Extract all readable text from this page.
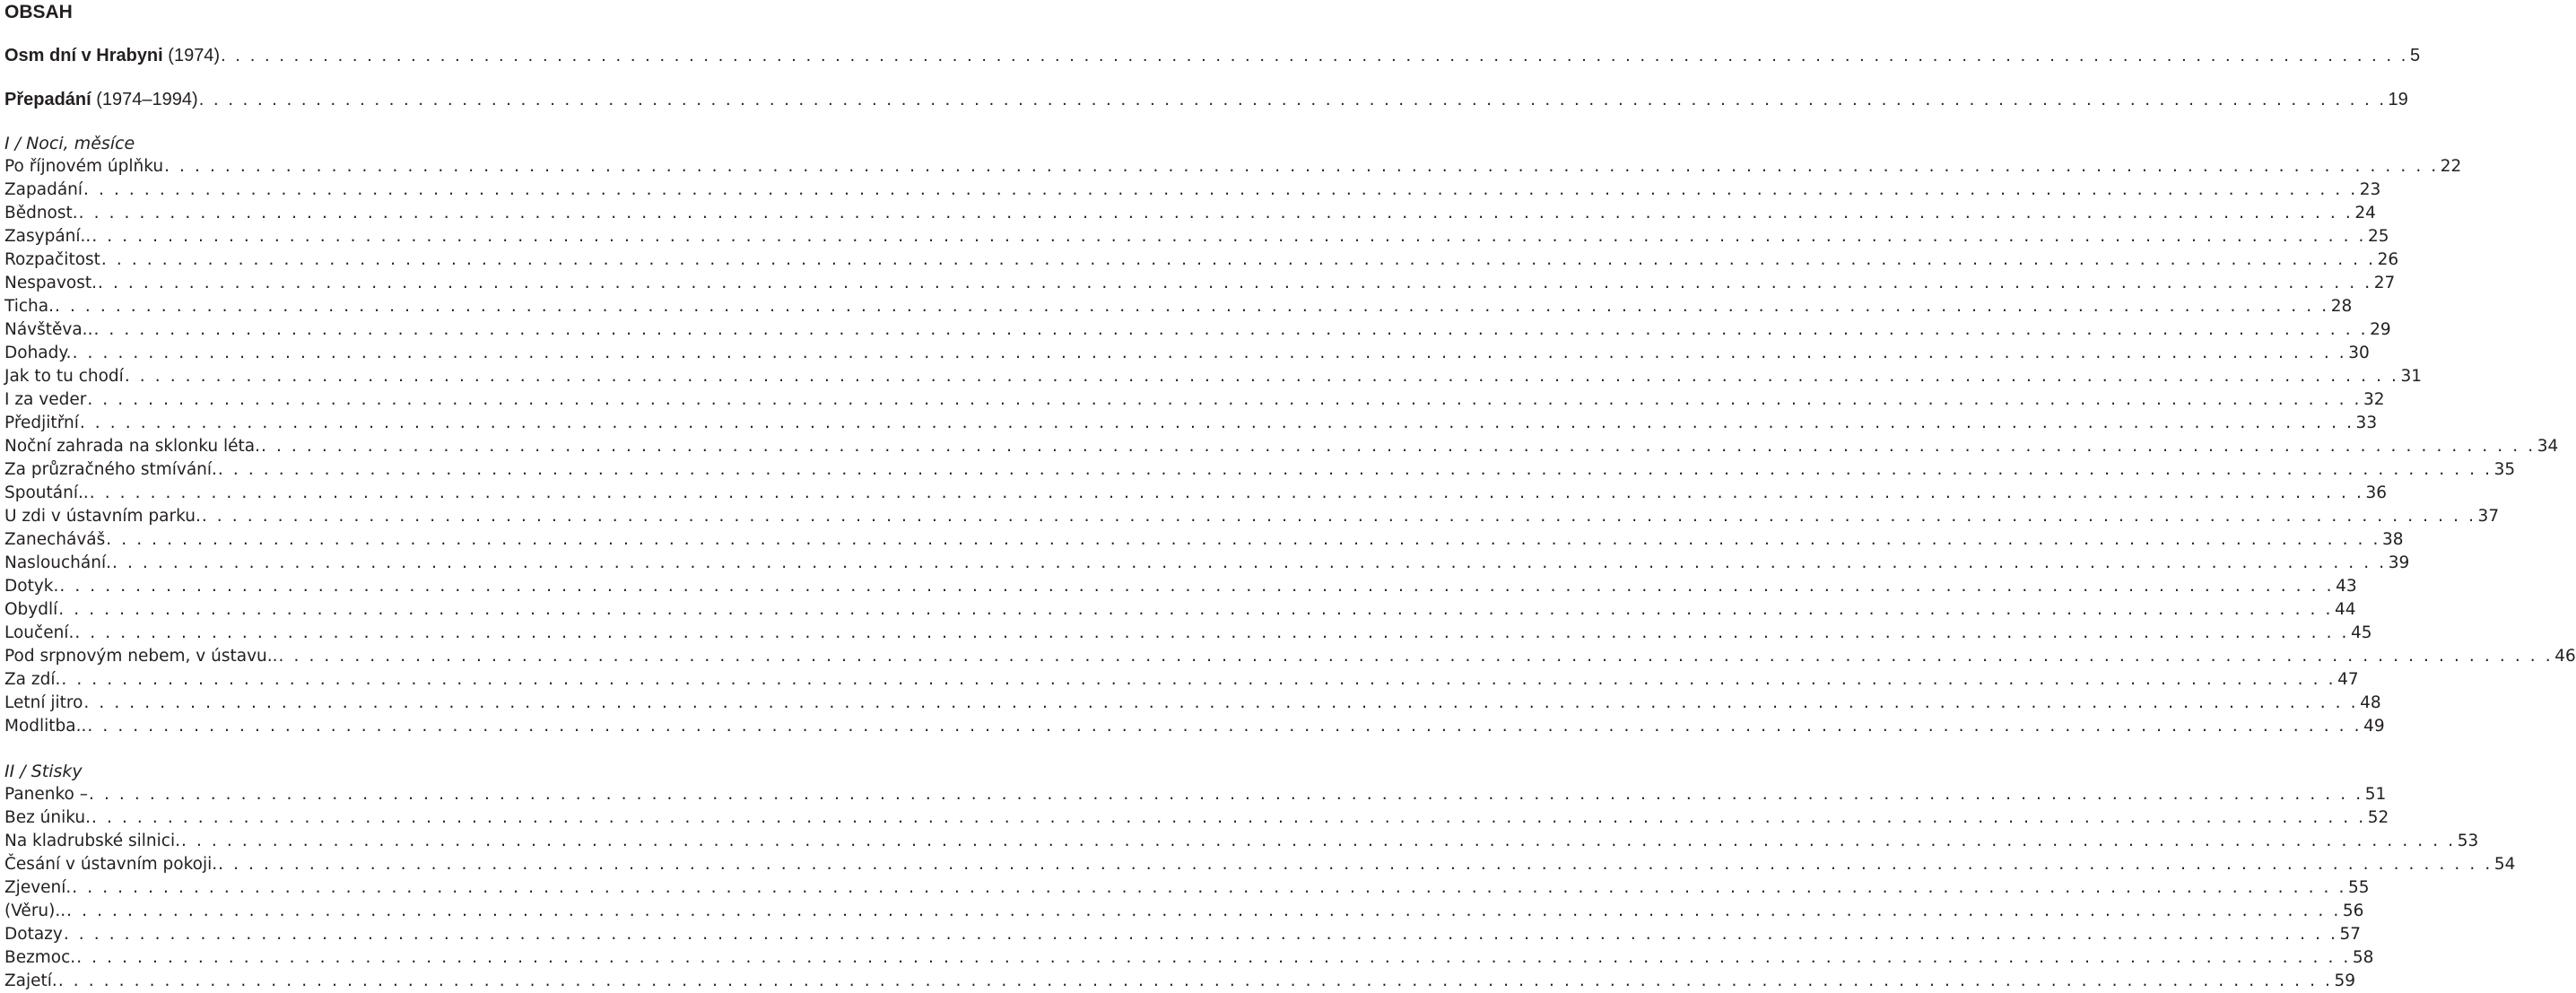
OBSAH
Osm dní v Hrabyni (1974) . . . . . . . . . . . . . . . . . . . . . . . . . . . . . . . . . . . . . . . . . . . . . . . . . . . . . . . . . . . . . . . . . . . . . . . . . . . . . . . . . . . . . . . . . . . . . . . . . . . . . . . . . . . . . . . . . . . . . . . . . . . . . . . . . . . . . . . . . . . . . . . . . . . . . . 5
Přepadání (1974–1994) . . . . . . . . . . . . . . . . . . . . . . . . . . . . . . . . . . . . . . . . . . . . . . . . . . . . . . . . . . . . . . . . . . . . . . . . . . . . . . . . . . . . . . . . . . . . . . . . . . . . . . . . . . . . . . . . . . . . . . . . . . . . . . . . . . . . . . . . . . . . . . . . . . . . . . 19
I / Noci, měsíce
Po říjnovém úplňku . . . . . . . . . . . . . . . . . . . . . . . . . . . . . . . . . . . . . . . . . . . . . . . . . . . . . . . . . . . . . . . . . . . . . . . . . . . . . . . . . . . . . . . . . . . . . . . . . . . . . . . . . . . . . . . . . . . . . . . . . . . . . . . . . . . . . . . . . . . . . . . . . . . . . . 22
Zapadání . . . . . . . . . . . . . . . . . . . . . . . . . . . . . . . . . . . . . . . . . . . . . . . . . . . . . . . . . . . . . . . . . . . . . . . . . . . . . . . . . . . . . . . . . . . . . . . . . . . . . . . . . . . . . . . . . . . . . . . . . . . . . . . . . . . . . . . . . . . . . . . . . . . . . . 23
Bědnost. . . . . . . . . . . . . . . . . . . . . . . . . . . . . . . . . . . . . . . . . . . . . . . . . . . . . . . . . . . . . . . . . . . . . . . . . . . . . . . . . . . . . . . . . . . . . . . . . . . . . . . . . . . . . . . . . . . . . . . . . . . . . . . . . . . . . . . . . . . . . . . . . . . . . . . 24
Zasypání.. . . . . . . . . . . . . . . . . . . . . . . . . . . . . . . . . . . . . . . . . . . . . . . . . . . . . . . . . . . . . . . . . . . . . . . . . . . . . . . . . . . . . . . . . . . . . . . . . . . . . . . . . . . . . . . . . . . . . . . . . . . . . . . . . . . . . . . . . . . . . . . . . . . . . . . 25
Rozpačitost . . . . . . . . . . . . . . . . . . . . . . . . . . . . . . . . . . . . . . . . . . . . . . . . . . . . . . . . . . . . . . . . . . . . . . . . . . . . . . . . . . . . . . . . . . . . . . . . . . . . . . . . . . . . . . . . . . . . . . . . . . . . . . . . . . . . . . . . . . . . . . . . . . . . . . 26
Nespavost. . . . . . . . . . . . . . . . . . . . . . . . . . . . . . . . . . . . . . . . . . . . . . . . . . . . . . . . . . . . . . . . . . . . . . . . . . . . . . . . . . . . . . . . . . . . . . . . . . . . . . . . . . . . . . . . . . . . . . . . . . . . . . . . . . . . . . . . . . . . . . . . . . . . . . . 27
Ticha. . . . . . . . . . . . . . . . . . . . . . . . . . . . . . . . . . . . . . . . . . . . . . . . . . . . . . . . . . . . . . . . . . . . . . . . . . . . . . . . . . . . . . . . . . . . . . . . . . . . . . . . . . . . . . . . . . . . . . . . . . . . . . . . . . . . . . . . . . . . . . . . . . . . . . . 28
Návštěva.. . . . . . . . . . . . . . . . . . . . . . . . . . . . . . . . . . . . . . . . . . . . . . . . . . . . . . . . . . . . . . . . . . . . . . . . . . . . . . . . . . . . . . . . . . . . . . . . . . . . . . . . . . . . . . . . . . . . . . . . . . . . . . . . . . . . . . . . . . . . . . . . . . . . . . . 29
Dohady. . . . . . . . . . . . . . . . . . . . . . . . . . . . . . . . . . . . . . . . . . . . . . . . . . . . . . . . . . . . . . . . . . . . . . . . . . . . . . . . . . . . . . . . . . . . . . . . . . . . . . . . . . . . . . . . . . . . . . . . . . . . . . . . . . . . . . . . . . . . . . . . . . . . . . . 30
Jak to tu chodí . . . . . . . . . . . . . . . . . . . . . . . . . . . . . . . . . . . . . . . . . . . . . . . . . . . . . . . . . . . . . . . . . . . . . . . . . . . . . . . . . . . . . . . . . . . . . . . . . . . . . . . . . . . . . . . . . . . . . . . . . . . . . . . . . . . . . . . . . . . . . . . . . . . . . . 31
I za veder . . . . . . . . . . . . . . . . . . . . . . . . . . . . . . . . . . . . . . . . . . . . . . . . . . . . . . . . . . . . . . . . . . . . . . . . . . . . . . . . . . . . . . . . . . . . . . . . . . . . . . . . . . . . . . . . . . . . . . . . . . . . . . . . . . . . . . . . . . . . . . . . . . . . . . 32
Předjitřní . . . . . . . . . . . . . . . . . . . . . . . . . . . . . . . . . . . . . . . . . . . . . . . . . . . . . . . . . . . . . . . . . . . . . . . . . . . . . . . . . . . . . . . . . . . . . . . . . . . . . . . . . . . . . . . . . . . . . . . . . . . . . . . . . . . . . . . . . . . . . . . . . . . . . . 33
Noční zahrada na sklonku léta. . . . . . . . . . . . . . . . . . . . . . . . . . . . . . . . . . . . . . . . . . . . . . . . . . . . . . . . . . . . . . . . . . . . . . . . . . . . . . . . . . . . . . . . . . . . . . . . . . . . . . . . . . . . . . . . . . . . . . . . . . . . . . . . . . . . . . . . . . . . . . . . . . . . . . . 34
Za průzračného stmívání. . . . . . . . . . . . . . . . . . . . . . . . . . . . . . . . . . . . . . . . . . . . . . . . . . . . . . . . . . . . . . . . . . . . . . . . . . . . . . . . . . . . . . . . . . . . . . . . . . . . . . . . . . . . . . . . . . . . . . . . . . . . . . . . . . . . . . . . . . . . . . . . . . . . . . . 35
Spoutání.. . . . . . . . . . . . . . . . . . . . . . . . . . . . . . . . . . . . . . . . . . . . . . . . . . . . . . . . . . . . . . . . . . . . . . . . . . . . . . . . . . . . . . . . . . . . . . . . . . . . . . . . . . . . . . . . . . . . . . . . . . . . . . . . . . . . . . . . . . . . . . . . . . . . . . . 36
U zdi v ústavním parku. . . . . . . . . . . . . . . . . . . . . . . . . . . . . . . . . . . . . . . . . . . . . . . . . . . . . . . . . . . . . . . . . . . . . . . . . . . . . . . . . . . . . . . . . . . . . . . . . . . . . . . . . . . . . . . . . . . . . . . . . . . . . . . . . . . . . . . . . . . . . . . . . . . . . . . 37
Zanecháváš . . . . . . . . . . . . . . . . . . . . . . . . . . . . . . . . . . . . . . . . . . . . . . . . . . . . . . . . . . . . . . . . . . . . . . . . . . . . . . . . . . . . . . . . . . . . . . . . . . . . . . . . . . . . . . . . . . . . . . . . . . . . . . . . . . . . . . . . . . . . . . . . . . . . . . 38
Naslouchání. . . . . . . . . . . . . . . . . . . . . . . . . . . . . . . . . . . . . . . . . . . . . . . . . . . . . . . . . . . . . . . . . . . . . . . . . . . . . . . . . . . . . . . . . . . . . . . . . . . . . . . . . . . . . . . . . . . . . . . . . . . . . . . . . . . . . . . . . . . . . . . . . . . . . . . 39
Dotyk. . . . . . . . . . . . . . . . . . . . . . . . . . . . . . . . . . . . . . . . . . . . . . . . . . . . . . . . . . . . . . . . . . . . . . . . . . . . . . . . . . . . . . . . . . . . . . . . . . . . . . . . . . . . . . . . . . . . . . . . . . . . . . . . . . . . . . . . . . . . . . . . . . . . . . . 43
Obydlí . . . . . . . . . . . . . . . . . . . . . . . . . . . . . . . . . . . . . . . . . . . . . . . . . . . . . . . . . . . . . . . . . . . . . . . . . . . . . . . . . . . . . . . . . . . . . . . . . . . . . . . . . . . . . . . . . . . . . . . . . . . . . . . . . . . . . . . . . . . . . . . . . . . . . . 44
Loučení. . . . . . . . . . . . . . . . . . . . . . . . . . . . . . . . . . . . . . . . . . . . . . . . . . . . . . . . . . . . . . . . . . . . . . . . . . . . . . . . . . . . . . . . . . . . . . . . . . . . . . . . . . . . . . . . . . . . . . . . . . . . . . . . . . . . . . . . . . . . . . . . . . . . . . . 45
Pod srpnovým nebem, v ústavu.. . . . . . . . . . . . . . . . . . . . . . . . . . . . . . . . . . . . . . . . . . . . . . . . . . . . . . . . . . . . . . . . . . . . . . . . . . . . . . . . . . . . . . . . . . . . . . . . . . . . . . . . . . . . . . . . . . . . . . . . . . . . . . . . . . . . . . . . . . . . . . . . . . . . . . . 46
Za zdí. . . . . . . . . . . . . . . . . . . . . . . . . . . . . . . . . . . . . . . . . . . . . . . . . . . . . . . . . . . . . . . . . . . . . . . . . . . . . . . . . . . . . . . . . . . . . . . . . . . . . . . . . . . . . . . . . . . . . . . . . . . . . . . . . . . . . . . . . . . . . . . . . . . . . . . 47
Letní jitro . . . . . . . . . . . . . . . . . . . . . . . . . . . . . . . . . . . . . . . . . . . . . . . . . . . . . . . . . . . . . . . . . . . . . . . . . . . . . . . . . . . . . . . . . . . . . . . . . . . . . . . . . . . . . . . . . . . . . . . . . . . . . . . . . . . . . . . . . . . . . . . . . . . . . . 48
Modlitba.. . . . . . . . . . . . . . . . . . . . . . . . . . . . . . . . . . . . . . . . . . . . . . . . . . . . . . . . . . . . . . . . . . . . . . . . . . . . . . . . . . . . . . . . . . . . . . . . . . . . . . . . . . . . . . . . . . . . . . . . . . . . . . . . . . . . . . . . . . . . . . . . . . . . . . . 49
II / Stisky
Panenko – . . . . . . . . . . . . . . . . . . . . . . . . . . . . . . . . . . . . . . . . . . . . . . . . . . . . . . . . . . . . . . . . . . . . . . . . . . . . . . . . . . . . . . . . . . . . . . . . . . . . . . . . . . . . . . . . . . . . . . . . . . . . . . . . . . . . . . . . . . . . . . . . . . . . . . 51
Bez úniku. . . . . . . . . . . . . . . . . . . . . . . . . . . . . . . . . . . . . . . . . . . . . . . . . . . . . . . . . . . . . . . . . . . . . . . . . . . . . . . . . . . . . . . . . . . . . . . . . . . . . . . . . . . . . . . . . . . . . . . . . . . . . . . . . . . . . . . . . . . . . . . . . . . . . . . 52
Na kladrubské silnici. . . . . . . . . . . . . . . . . . . . . . . . . . . . . . . . . . . . . . . . . . . . . . . . . . . . . . . . . . . . . . . . . . . . . . . . . . . . . . . . . . . . . . . . . . . . . . . . . . . . . . . . . . . . . . . . . . . . . . . . . . . . . . . . . . . . . . . . . . . . . . . . . . . . . . . 53
Česání v ústavním pokoji. . . . . . . . . . . . . . . . . . . . . . . . . . . . . . . . . . . . . . . . . . . . . . . . . . . . . . . . . . . . . . . . . . . . . . . . . . . . . . . . . . . . . . . . . . . . . . . . . . . . . . . . . . . . . . . . . . . . . . . . . . . . . . . . . . . . . . . . . . . . . . . . . . . . . . . 54
Zjevení. . . . . . . . . . . . . . . . . . . . . . . . . . . . . . . . . . . . . . . . . . . . . . . . . . . . . . . . . . . . . . . . . . . . . . . . . . . . . . . . . . . . . . . . . . . . . . . . . . . . . . . . . . . . . . . . . . . . . . . . . . . . . . . . . . . . . . . . . . . . . . . . . . . . . . . 55
(Věru).. . . . . . . . . . . . . . . . . . . . . . . . . . . . . . . . . . . . . . . . . . . . . . . . . . . . . . . . . . . . . . . . . . . . . . . . . . . . . . . . . . . . . . . . . . . . . . . . . . . . . . . . . . . . . . . . . . . . . . . . . . . . . . . . . . . . . . . . . . . . . . . . . . . . . . . 56
Dotazy . . . . . . . . . . . . . . . . . . . . . . . . . . . . . . . . . . . . . . . . . . . . . . . . . . . . . . . . . . . . . . . . . . . . . . . . . . . . . . . . . . . . . . . . . . . . . . . . . . . . . . . . . . . . . . . . . . . . . . . . . . . . . . . . . . . . . . . . . . . . . . . . . . . . . . 57
Bezmoc. . . . . . . . . . . . . . . . . . . . . . . . . . . . . . . . . . . . . . . . . . . . . . . . . . . . . . . . . . . . . . . . . . . . . . . . . . . . . . . . . . . . . . . . . . . . . . . . . . . . . . . . . . . . . . . . . . . . . . . . . . . . . . . . . . . . . . . . . . . . . . . . . . . . . . . 58
Zajetí. . . . . . . . . . . . . . . . . . . . . . . . . . . . . . . . . . . . . . . . . . . . . . . . . . . . . . . . . . . . . . . . . . . . . . . . . . . . . . . . . . . . . . . . . . . . . . . . . . . . . . . . . . . . . . . . . . . . . . . . . . . . . . . . . . . . . . . . . . . . . . . . . . . . . . . 59
